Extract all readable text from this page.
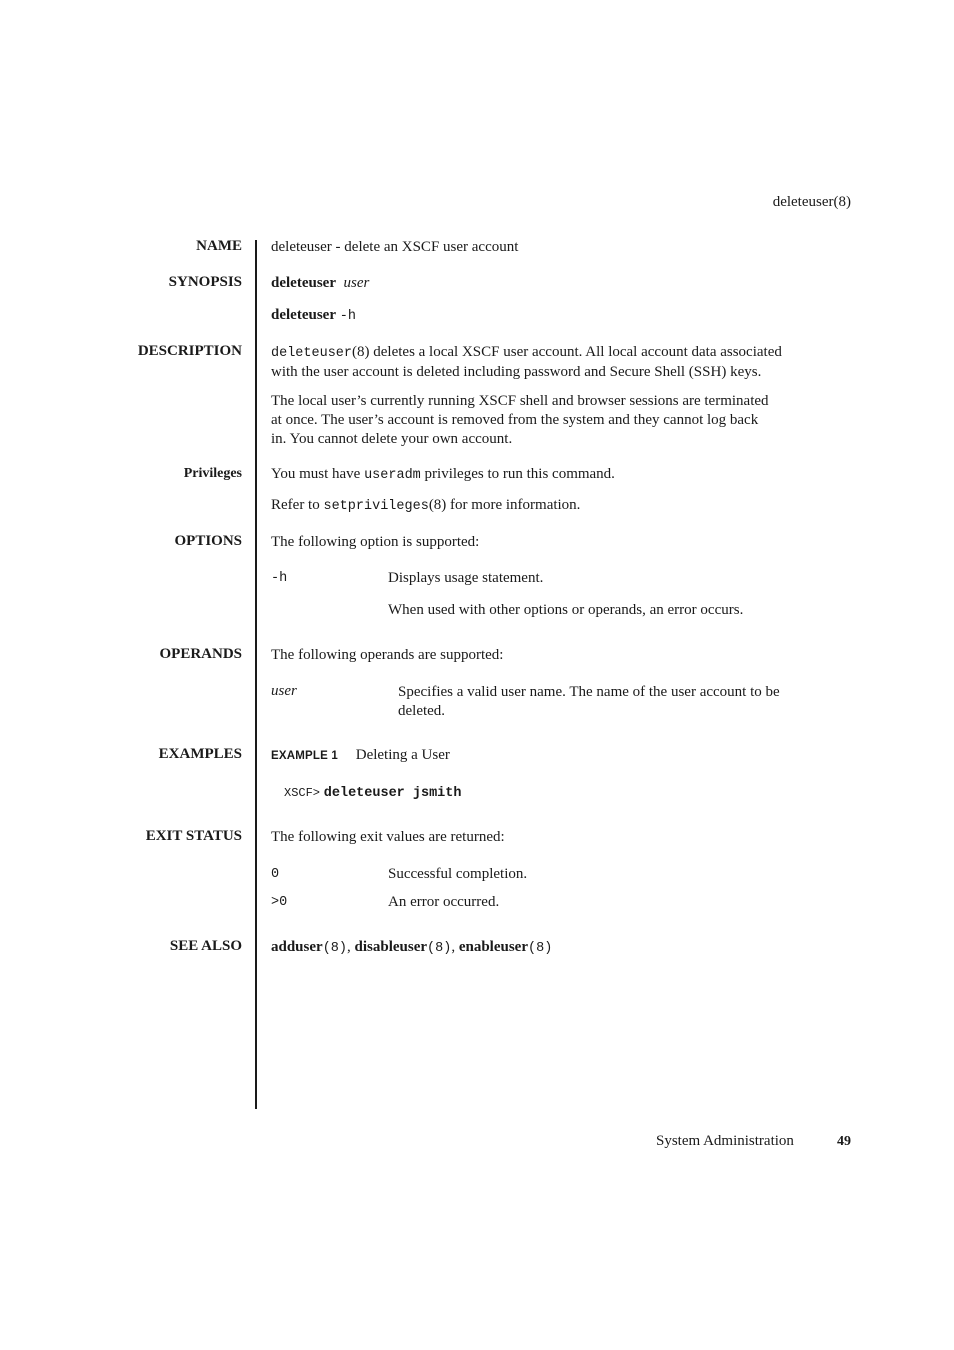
deleteuser(8)
NAME deleteuser - delete an XSCF user account
SYNOPSIS deleteuser user
deleteuser -h
DESCRIPTION deleteuser(8) deletes a local XSCF user account. All local account data associated
with the user account is deleted including password and Secure Shell (SSH) keys.
The local user’s currently running XSCF shell and browser sessions are terminated
at once. The user’s account is removed from the system and they cannot log back
in. You cannot delete your own account.
Privileges You must have useradm privileges to run this command.
Refer to setprivileges(8) for more information.
OPTIONS The following option is supported:
-h	Displays usage statement.
When used with other options or operands, an error occurs.
OPERANDS The following operands are supported:
user	Specifies a valid user name. The name of the user account to be
deleted.
EXAMPLES	EXAMPLE 1 Deleting a User
XSCF> deleteuser jsmith
EXIT STATUS The following exit values are returned:
0	Successful completion.
>0	An error occurred.
SEE ALSO adduser(8), disableuser(8), enableuser(8)
System Administration	49
